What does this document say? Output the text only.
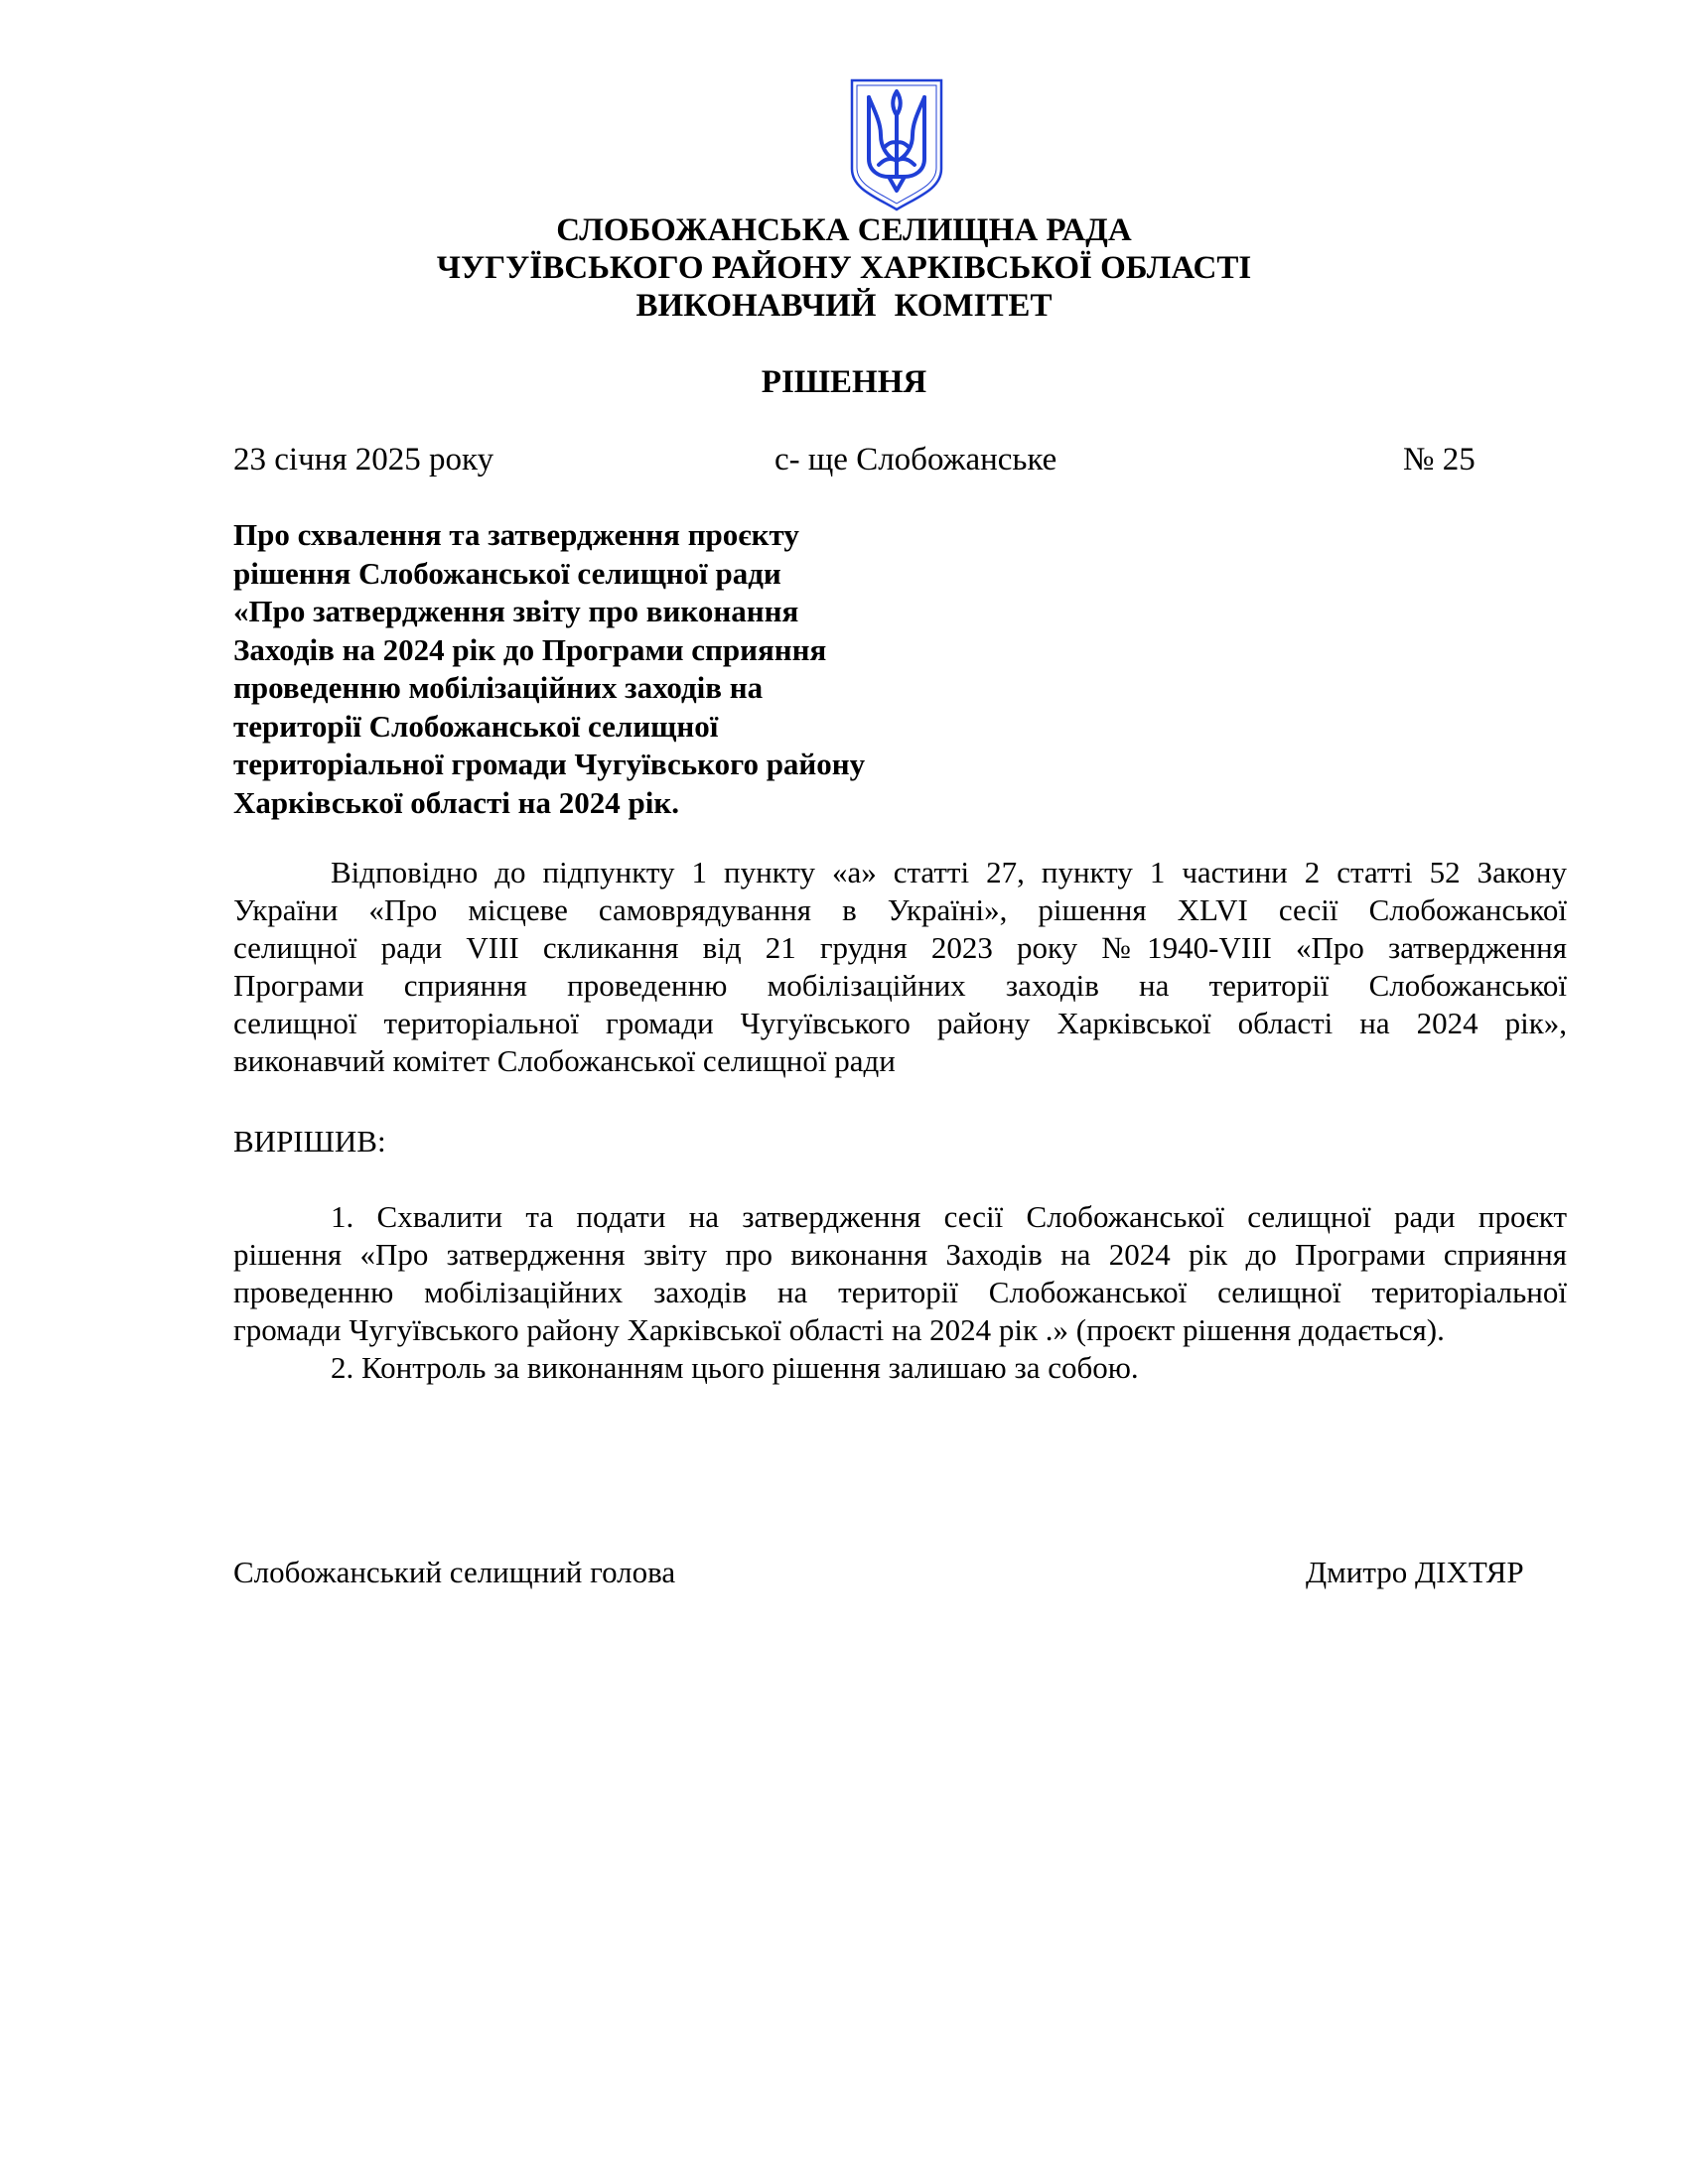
СЛОБОЖАНСЬКА СЕЛИЩНА РАДА
ЧУГУЇВСЬКОГО РАЙОНУ ХАРКІВСЬКОЇ ОБЛАСТІ
ВИКОНАВЧИЙ КОМІТЕТ
РІШЕННЯ
23 січня 2025 року	с- ще Слобожанське	№ 25
Про схвалення та затвердження проєкту
рішення Слобожанської селищної ради
«Про затвердження звіту про виконання
Заходів на 2024 рік до Програми сприяння
проведенню мобілізаційних заходів на
території Слобожанської селищної
територіальної громади Чугуївського району
Харківської області на 2024 рік.
Відповідно до підпункту 1 пункту «а» статті 27, пункту 1 частини 2 статті 52 Закону
України «Про місцеве самоврядування в Україні», рішення XLVI сесії Слобожанської
селищної ради VIII скликання від 21 грудня 2023 року №1940-VIII «Про затвердження
Програми сприяння проведенню мобілізаційних заходів на території Слобожанської
селищної територіальної громади Чугуївського району Харківської області на 2024 рік»,
виконавчий комітет Слобожанської селищної ради
ВИРІШИВ:
1. Схвалити та подати на затвердження сесії Слобожанської селищної ради проєкт
рішення «Про затвердження звіту про виконання Заходів на 2024 рік до Програми сприяння
проведенню мобілізаційних заходів на території Слобожанської селищної територіальної
громади Чугуївського району Харківської області на 2024 рік .» (проєкт рішення додається).
2. Контроль за виконанням цього рішення залишаю за собою.
Слобожанський селищний голова	Дмитро ДІХТЯР
